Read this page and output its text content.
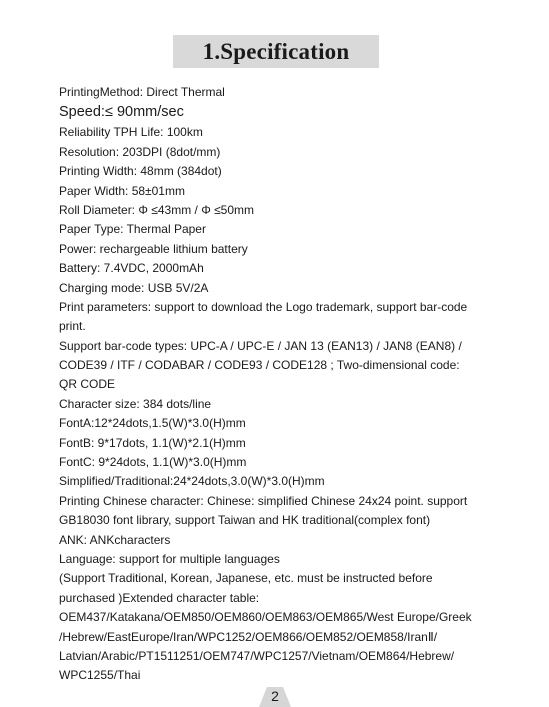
1.Specification
PrintingMethod: Direct Thermal
Speed:≤ 90mm/sec
Reliability TPH Life: 100km
Resolution: 203DPI (8dot/mm)
Printing Width: 48mm (384dot)
Paper Width: 58±01mm
Roll Diameter: Φ ≤43mm / Φ ≤50mm
Paper Type: Thermal Paper
Power: rechargeable lithium battery
Battery: 7.4VDC, 2000mAh
Charging mode: USB 5V/2A
Print parameters: support to download the Logo trademark, support bar-code
print.
Support bar-code types: UPC-A / UPC-E / JAN 13 (EAN13) / JAN8 (EAN8) /
CODE39 / ITF / CODABAR / CODE93 / CODE128 ; Two-dimensional code:
QR CODE
Character size: 384 dots/line
FontA:12*24dots,1.5(W)*3.0(H)mm
FontB: 9*17dots, 1.1(W)*2.1(H)mm
FontC: 9*24dots, 1.1(W)*3.0(H)mm
Simplified/Traditional:24*24dots,3.0(W)*3.0(H)mm
Printing Chinese character: Chinese: simplified Chinese 24x24 point. support
GB18030 font library, support Taiwan and HK traditional(complex font)
ANK: ANKcharacters
Language: support for multiple languages
(Support Traditional, Korean, Japanese, etc. must be instructed before
purchased )Extended character table:
OEM437/Katakana/OEM850/OEM860/OEM863/OEM865/West Europe/Greek
/Hebrew/EastEurope/Iran/WPC1252/OEM866/OEM852/OEM858/IranⅡ/
Latvian/Arabic/PT1511251/OEM747/WPC1257/Vietnam/OEM864/Hebrew/
WPC1255/Thai
2
